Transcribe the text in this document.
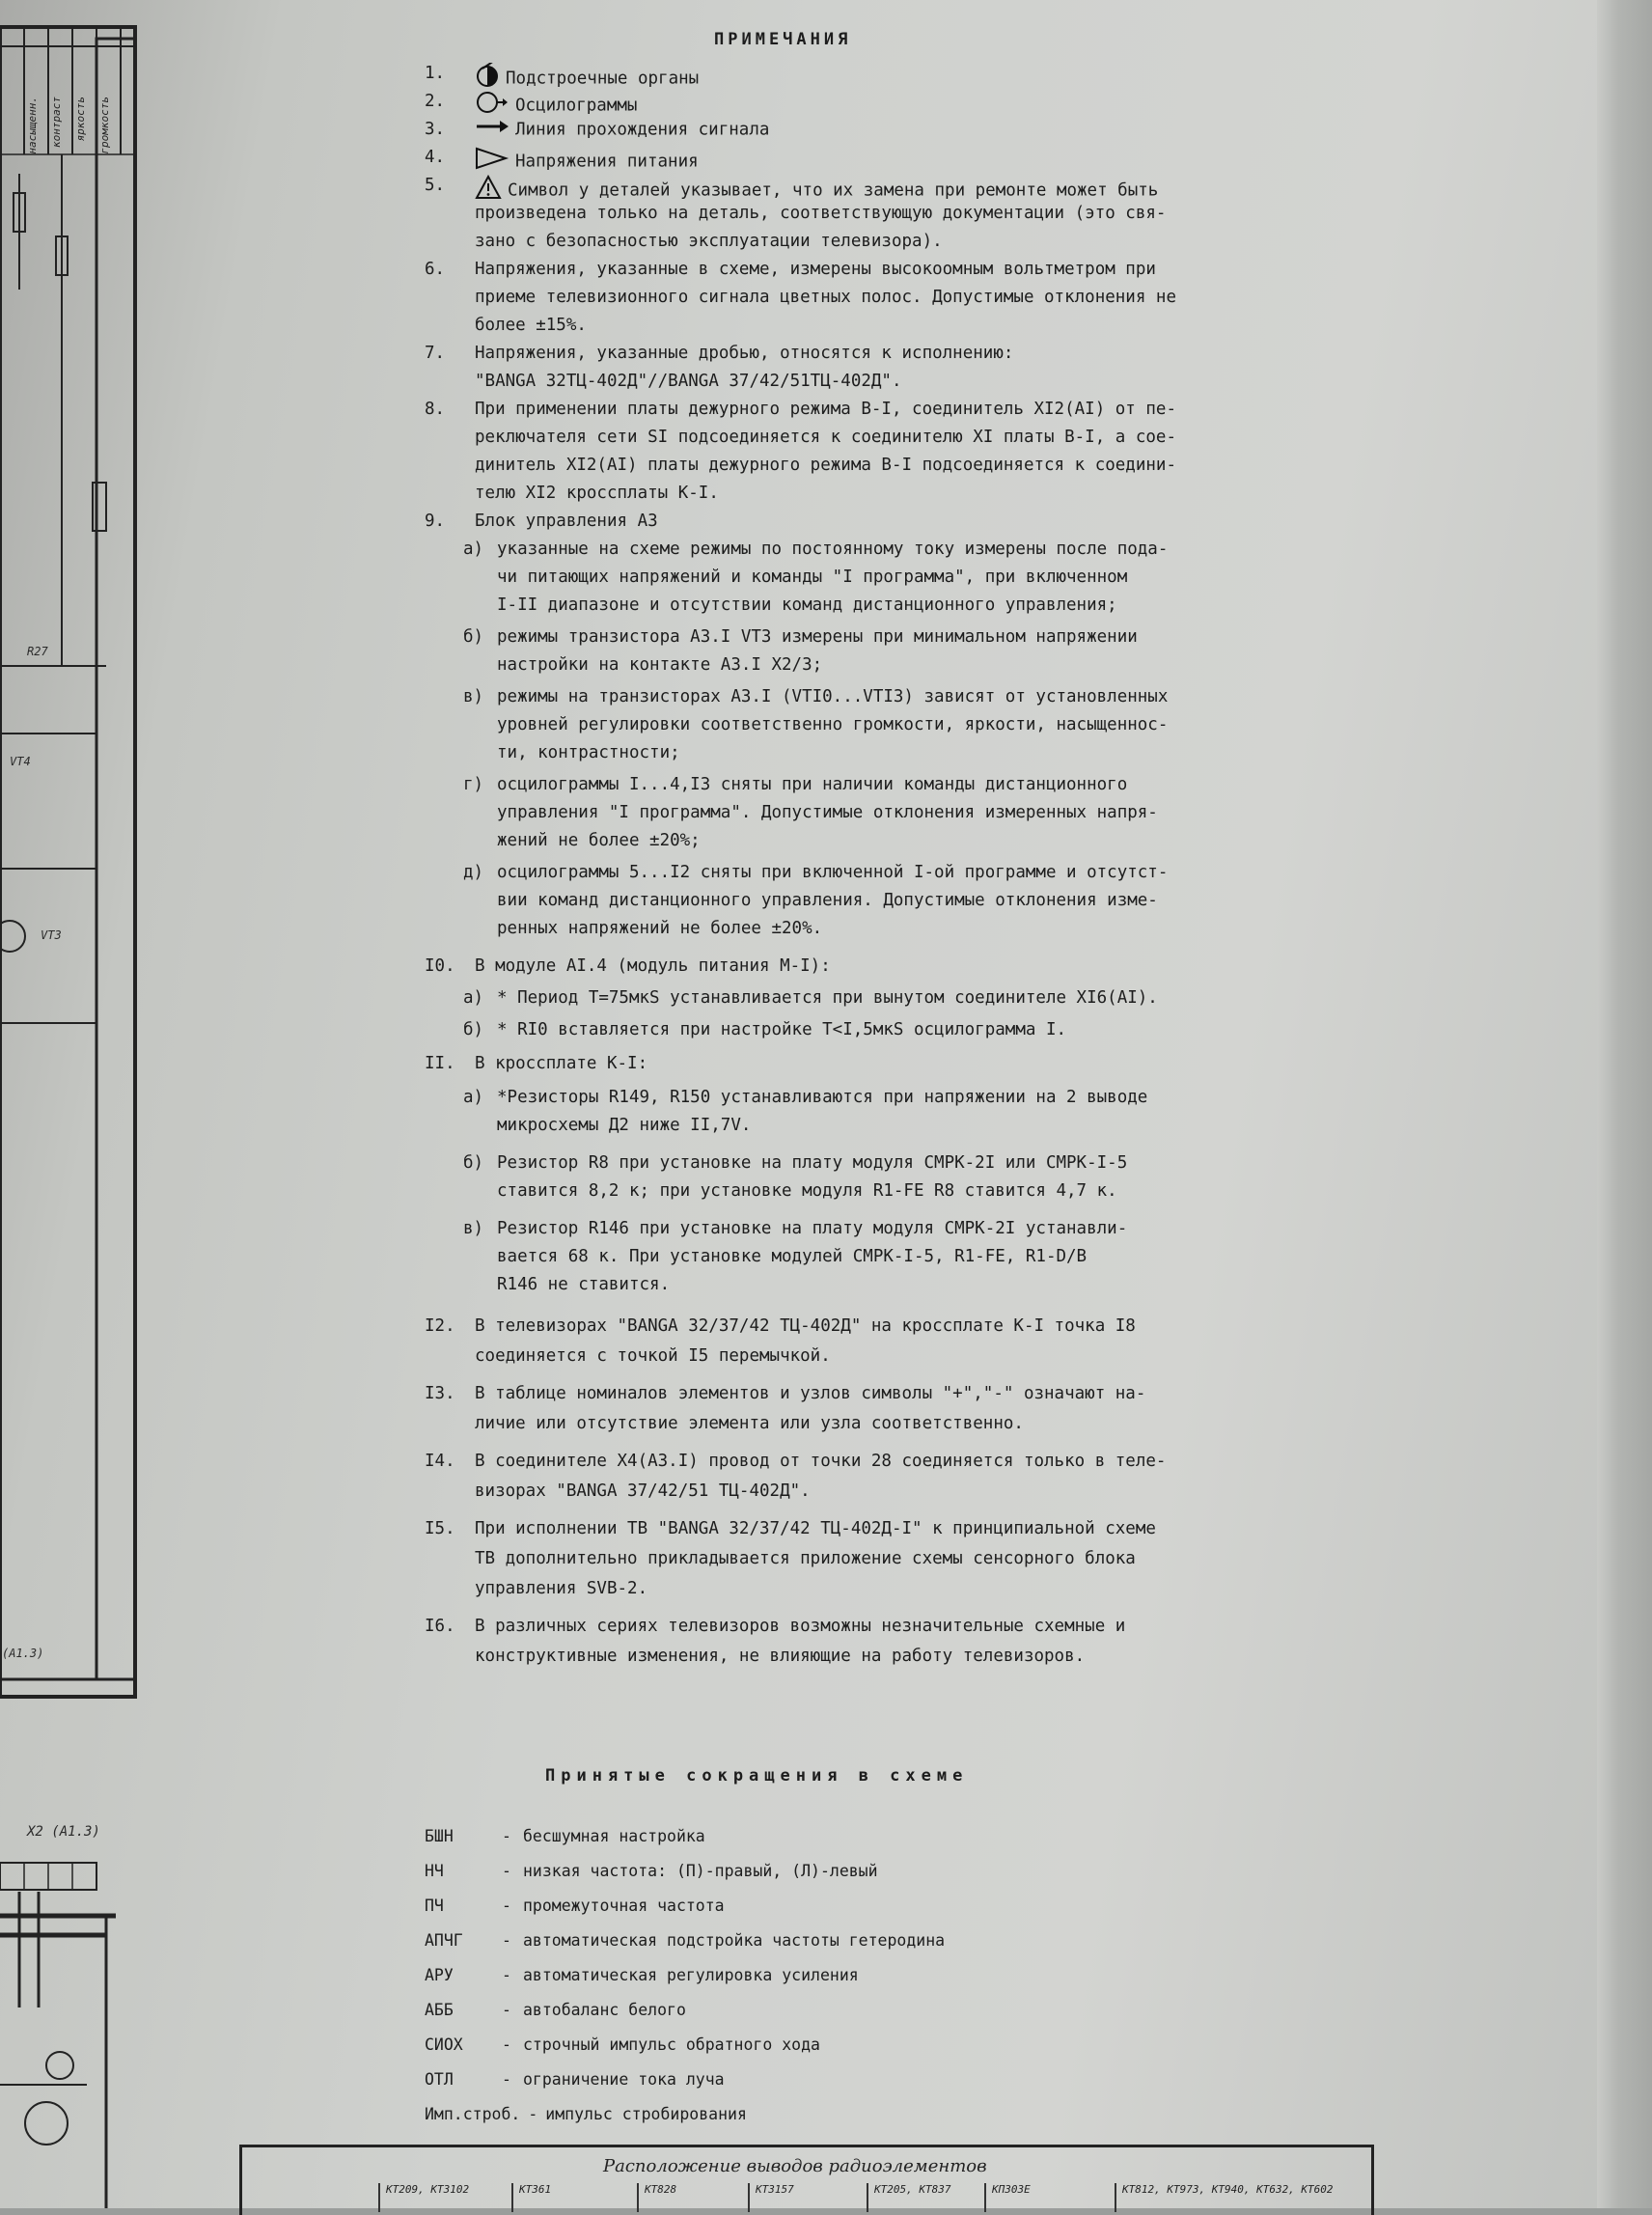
насыщенн. контраст яркость громкость
R27
VT4
VT3
(A1.3)
X2 (A1.3)
ПРИМЕЧАНИЯ
1.	Подстроечные органы
2.	Осцилограммы
3.	Линия прохождения сигнала
4.	Напряжения питания
5.	Символ у деталей указывает, что их замена при ремонте может быть
произведена только на деталь, соответствующую документации (это свя-
зано с безопасностью эксплуатации телевизора).
6.	Напряжения, указанные в схеме, измерены высокоомным вольтметром при
приеме телевизионного сигнала цветных полос. Допустимые отклонения не
более ±15%.
7.	Напряжения, указанные дробью, относятся к исполнению:
"BANGA 32ТЦ-402Д"//BANGA 37/42/51ТЦ-402Д".
8.	При применении платы дежурного режима В-I, соединитель XI2(AI) от пе-
реключателя сети SI подсоединяется к соединителю XI платы В-I, а сое-
динитель XI2(AI) платы дежурного режима В-I подсоединяется к соедини-
телю XI2 кроссплаты К-I.
9.	Блок управления А3
а) указанные на схеме режимы по постоянному току измерены после пода-
чи питающих напряжений и команды "I программа", при включенном
I-II диапазоне и отсутствии команд дистанционного управления;
б) режимы транзистора А3.I VT3 измерены при минимальном напряжении
настройки на контакте А3.I X2/3;
в) режимы на транзисторах А3.I (VTI0...VTI3) зависят от установленных
уровней регулировки соответственно громкости, яркости, насыщеннос-
ти, контрастности;
г) осцилограммы I...4,I3 сняты при наличии команды дистанционного
управления "I программа". Допустимые отклонения измеренных напря-
жений не более ±20%;
д) осцилограммы 5...I2 сняты при включенной I-ой программе и отсутст-
вии команд дистанционного управления. Допустимые отклонения изме-
ренных напряжений не более ±20%.
I0.	В модуле AI.4 (модуль питания М-I):
а) * Период Т=75мкS устанавливается при вынутом соединителе XI6(AI).
б) * RI0 вставляется при настройке Т<I,5мкS осцилограмма I.
II.	В кроссплате К-I:
а) *Резисторы R149, R150 устанавливаются при напряжении на 2 выводе
микросхемы Д2 ниже II,7V.
б) Резистор R8 при установке на плату модуля СМРК-2I или СМРК-I-5
ставится 8,2 к; при установке модуля R1-FE R8 ставится 4,7 к.
в) Резистор R146 при установке на плату модуля СМРК-2I устанавли-
вается 68 к. При установке модулей СМРК-I-5, R1-FE, R1-D/B
R146 не ставится.
I2.	В телевизорах "BANGA 32/37/42 ТЦ-402Д" на кроссплате К-I точка I8
соединяется с точкой I5 перемычкой.
I3.	В таблице номиналов элементов и узлов символы "+","-" означают на-
личие или отсутствие элемента или узла соответственно.
I4.	В соединителе X4(А3.I) провод от точки 28 соединяется только в теле-
визорах "BANGA 37/42/51 ТЦ-402Д".
I5.	При исполнении ТВ "BANGA 32/37/42 ТЦ-402Д-I" к принципиальной схеме
ТВ дополнительно прикладывается приложение схемы сенсорного блока
управления SVB-2.
I6.	В различных сериях телевизоров возможны незначительные схемные и
конструктивные изменения, не влияющие на работу телевизоров.
Принятые сокращения в схеме
БШН	- бесшумная настройка
НЧ	- низкая частота: (П)-правый, (Л)-левый
ПЧ	- промежуточная частота
АПЧГ - автоматическая подстройка частоты гетеродина
АРУ	- автоматическая регулировка усиления
АББ	- автобаланс белого
СИОХ - строчный импульс обратного хода
ОТЛ	- ограничение тока луча
Имп.строб. - импульс стробирования
Расположение выводов радиоэлементов
КТ209, КТ3102	КТ361	КТ828	КТ3157	КТ205, КТ837	КП303Е	КТ812, КТ973, КТ940, КТ632, КТ602
